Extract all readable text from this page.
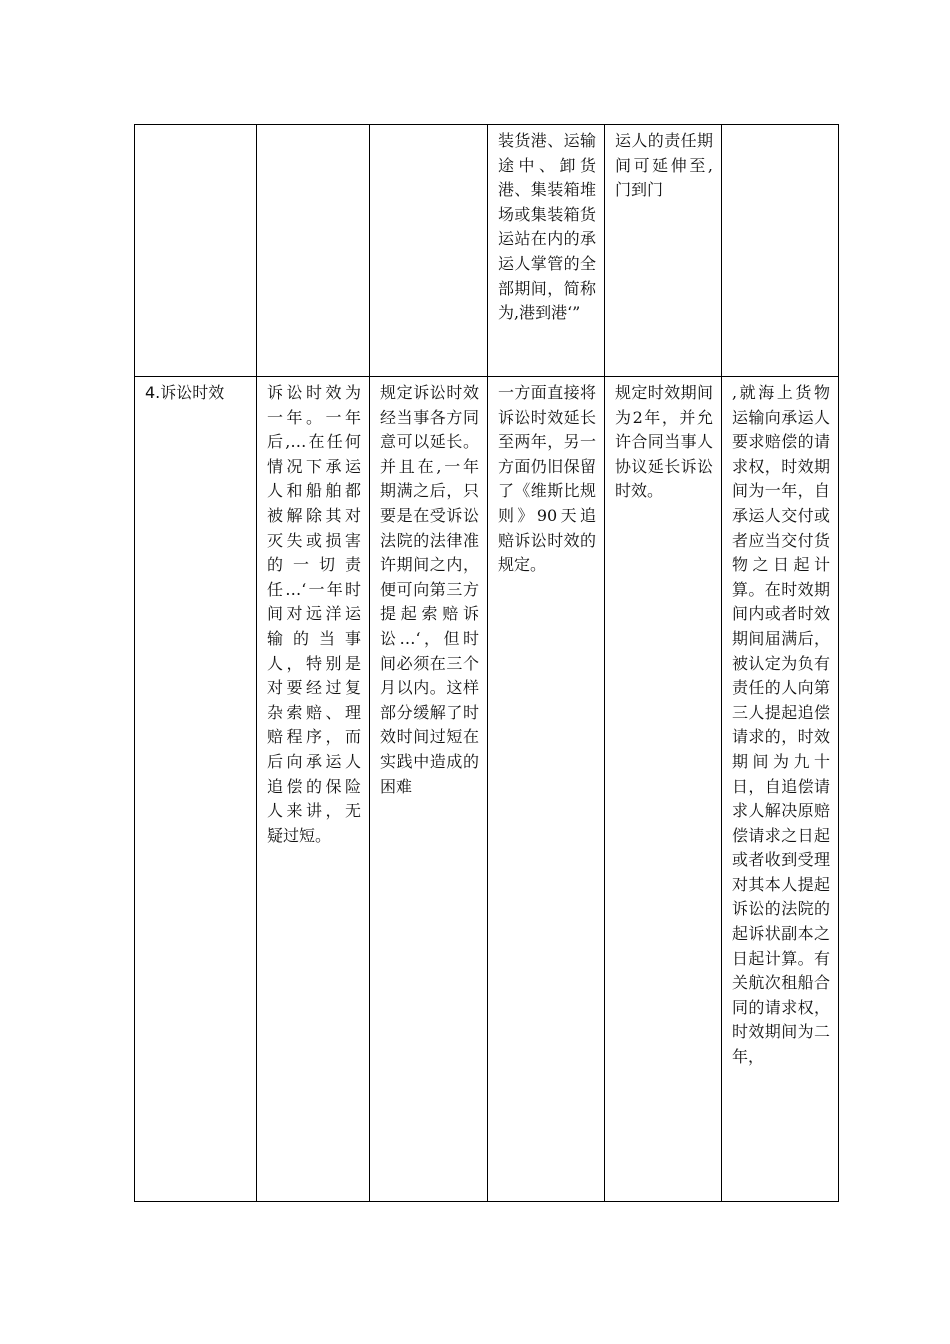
			装货港、运输途中、卸货港、集装箱堆场或集装箱货运站在内的承运人掌管的全部期间，简称为,港到港‘”	运人的责任期间可延伸至,门到门	
4.诉讼时效	诉讼时效为一年。一年后,…在任何情况下承运人和船舶都被解除其对灭失或损害的一切责任…‘一年时间对远洋运输的当事人，特别是对要经过复杂索赔、理赔程序，而后向承运人追偿的保险人来讲，无疑过短。	规定诉讼时效经当事各方同意可以延长。并且在,一年期满之后，只要是在受诉讼法院的法律准许期间之内，便可向第三方提起索赔诉讼…‘，但时间必须在三个月以内。这样部分缓解了时效时间过短在实践中造成的困难	一方面直接将诉讼时效延长至两年，另一方面仍旧保留了《维斯比规则》90天追赔诉讼时效的规定。	规定时效期间为2年，并允许合同当事人协议延长诉讼时效。	,就海上货物运输向承运人要求赔偿的请求权，时效期间为一年，自承运人交付或者应当交付货物之日起计算。在时效期间内或者时效期间届满后，被认定为负有责任的人向第三人提起追偿请求的，时效期间为九十日，自追偿请求人解决原赔偿请求之日起或者收到受理对其本人提起诉讼的法院的起诉状副本之日起计算。有关航次租船合同的请求权，时效期间为二年，
